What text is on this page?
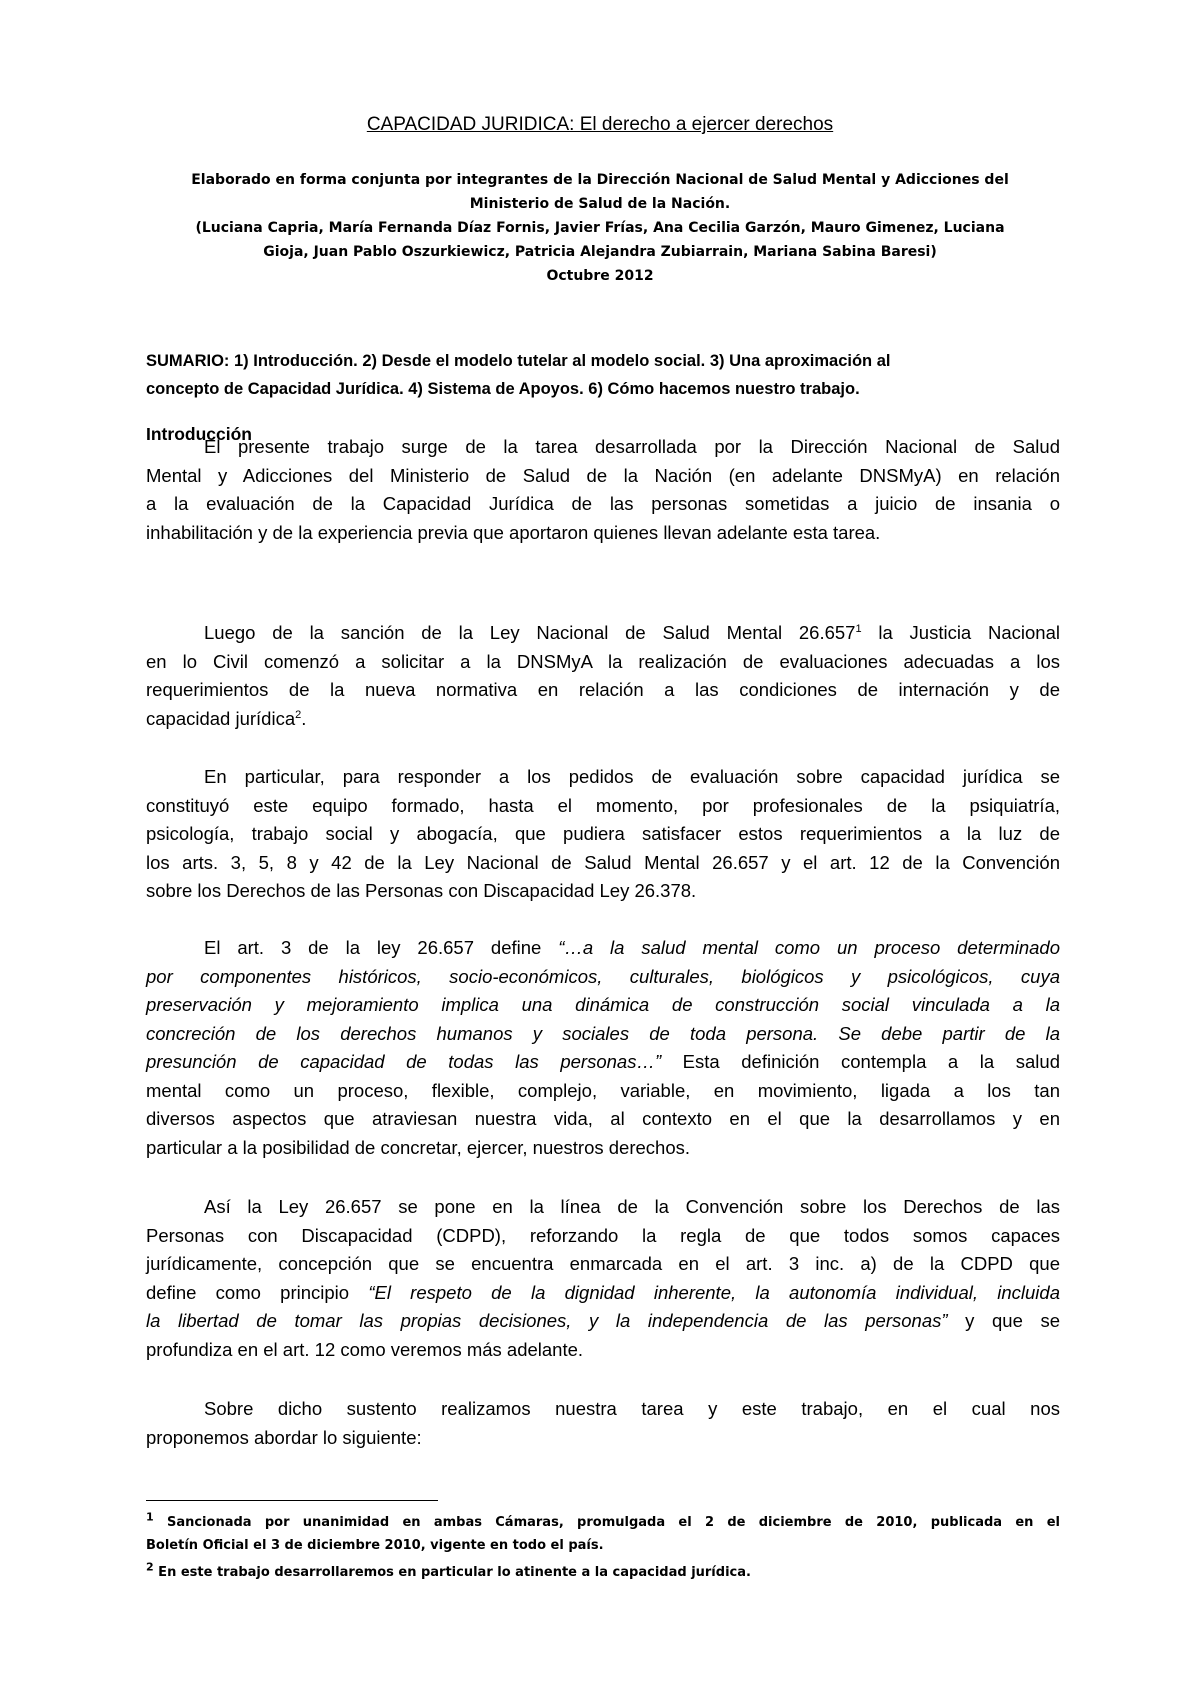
CAPACIDAD JURIDICA: El derecho a ejercer derechos
Elaborado en forma conjunta por integrantes de la Dirección Nacional de Salud Mental y Adicciones del
Ministerio de Salud de la Nación.
(Luciana Capria, María Fernanda Díaz Fornis, Javier Frías, Ana Cecilia Garzón, Mauro Gimenez, Luciana
Gioja, Juan Pablo Oszurkiewicz, Patricia Alejandra Zubiarrain, Mariana Sabina Baresi)
Octubre 2012
SUMARIO: 1) Introducción. 2) Desde el modelo tutelar al modelo social. 3) Una aproximación al
concepto de Capacidad Jurídica. 4) Sistema de Apoyos. 6) Cómo hacemos nuestro trabajo.
Introducción
El presente trabajo surge de la tarea desarrollada por la Dirección Nacional de Salud
Mental y Adicciones del Ministerio de Salud de la Nación (en adelante DNSMyA) en relación
a la evaluación de la Capacidad Jurídica de las personas sometidas a juicio de insania o
inhabilitación y de la experiencia previa que aportaron quienes llevan adelante esta tarea.
Luego de la sanción de la Ley Nacional de Salud Mental 26.657$^1$ la Justicia Nacional
en lo Civil comenzó a solicitar a la DNSMyA la realización de evaluaciones adecuadas a los
requerimientos de la nueva normativa en relación a las condiciones de internación y de
capacidad jurídica$^2$.
En particular, para responder a los pedidos de evaluación sobre capacidad jurídica se
constituyó este equipo formado, hasta el momento, por profesionales de la psiquiatría,
psicología, trabajo social y abogacía, que pudiera satisfacer estos requerimientos a la luz de
los arts. 3, 5, 8 y 42 de la Ley Nacional de Salud Mental 26.657 y el art. 12 de la Convención
sobre los Derechos de las Personas con Discapacidad Ley 26.378.
El art. 3 de la ley 26.657 define “…a la salud mental como un proceso determinado
por componentes históricos, socio-económicos, culturales, biológicos y psicológicos, cuya
preservación y mejoramiento implica una dinámica de construcción social vinculada a la
concreción de los derechos humanos y sociales de toda persona. Se debe partir de la
presunción de capacidad de todas las personas…” Esta definición contempla a la salud
mental como un proceso, flexible, complejo, variable, en movimiento, ligada a los tan
diversos aspectos que atraviesan nuestra vida, al contexto en el que la desarrollamos y en
particular a la posibilidad de concretar, ejercer, nuestros derechos.
Así la Ley 26.657 se pone en la línea de la Convención sobre los Derechos de las
Personas con Discapacidad (CDPD), reforzando la regla de que todos somos capaces
jurídicamente, concepción que se encuentra enmarcada en el art. 3 inc. a) de la CDPD que
define como principio “El respeto de la dignidad inherente, la autonomía individual, incluida
la libertad de tomar las propias decisiones, y la independencia de las personas” y que se
profundiza en el art. 12 como veremos más adelante.
Sobre dicho sustento realizamos nuestra tarea y este trabajo, en el cual nos
proponemos abordar lo siguiente:
$^1$ Sancionada por unanimidad en ambas Cámaras, promulgada el 2 de diciembre de 2010, publicada en el
Boletín Oficial el 3 de diciembre 2010, vigente en todo el país.
$^2$ En este trabajo desarrollaremos en particular lo atinente a la capacidad jurídica.
